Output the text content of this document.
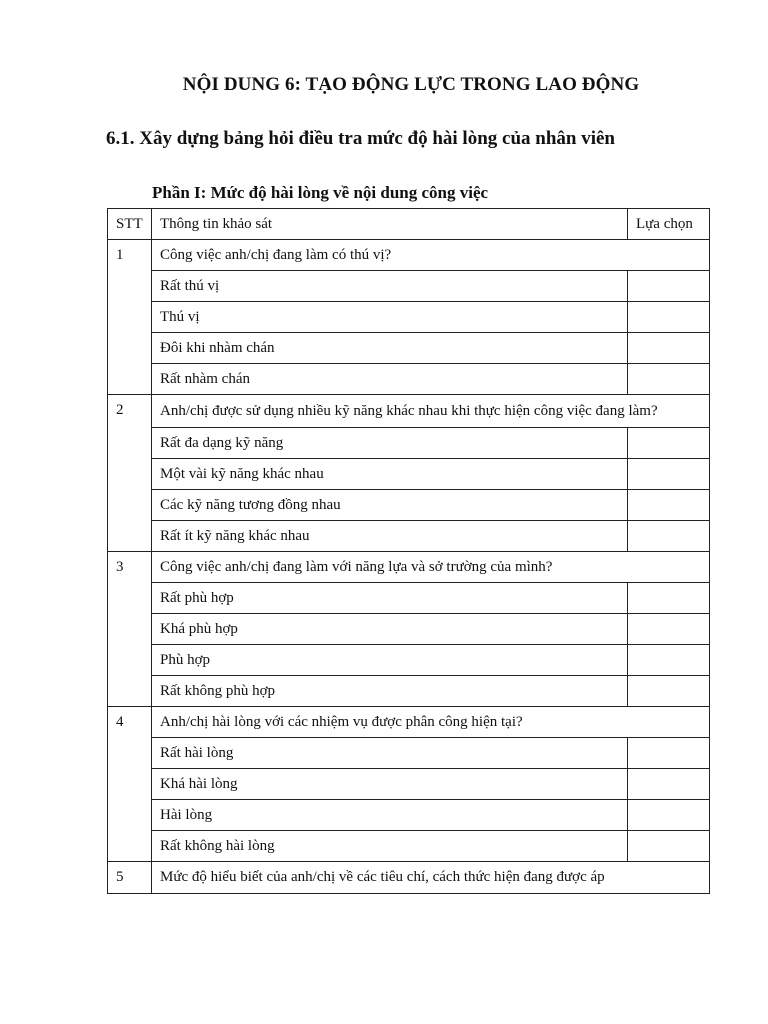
NỘI DUNG 6: TẠO ĐỘNG LỰC TRONG LAO ĐỘNG
6.1. Xây dựng bảng hỏi điều tra mức độ hài lòng của nhân viên
Phần I: Mức độ hài lòng về nội dung công việc
STT	Thông tin khảo sát	Lựa chọn
1	Công việc anh/chị đang làm có thú vị?	
	Rất thú vị	
	Thú vị	
	Đôi khi nhàm chán	
	Rất nhàm chán	
2	Anh/chị được sử dụng nhiều kỹ năng khác nhau khi thực hiện công việc đang làm?	
	Rất đa dạng kỹ năng	
	Một vài kỹ năng khác nhau	
	Các kỹ năng tương đồng nhau	
	Rất ít kỹ năng khác nhau	
3	Công việc anh/chị đang làm với năng lựa và sở trường của mình?	
	Rất phù hợp	
	Khá phù hợp	
	Phù hợp	
	Rất không phù hợp	
4	Anh/chị hài lòng với các nhiệm vụ được phân công hiện tại?	
	Rất hài lòng	
	Khá hài lòng	
	Hài lòng	
	Rất không hài lòng	
5	Mức độ hiểu biết của anh/chị về các tiêu chí, cách thức hiện đang được áp	
